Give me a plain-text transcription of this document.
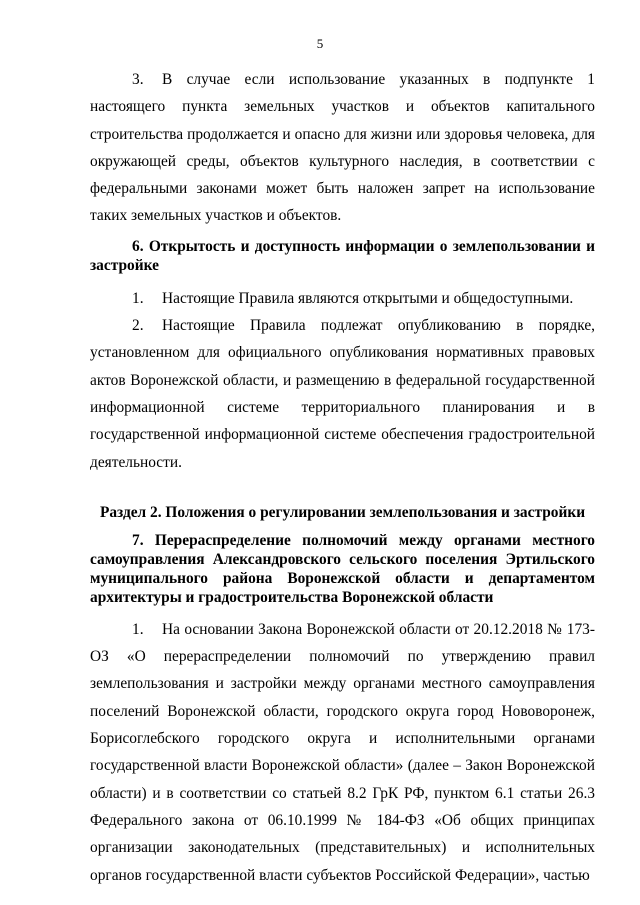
5

3. В случае если использование указанных в подпункте 1 настоящего пункта земельных участков и объектов капитального строительства продолжается и опасно для жизни или здоровья человека, для окружающей среды, объектов культурного наследия, в соответствии с федеральными законами может быть наложен запрет на использование таких земельных участков и объектов.

6. Открытость и доступность информации о землепользовании и застройке

1. Настоящие Правила являются открытыми и общедоступными.

2. Настоящие Правила подлежат опубликованию в порядке, установленном для официального опубликования нормативных правовых актов Воронежской области, и размещению в федеральной государственной информационной системе территориального планирования и в государственной информационной системе обеспечения градостроительной деятельности.

Раздел 2. Положения о регулировании землепользования и застройки

7. Перераспределение полномочий между органами местного самоуправления Александровского сельского поселения Эртильского муниципального района Воронежской области и департаментом архитектуры и градостроительства Воронежской области

1. На основании Закона Воронежской области от 20.12.2018 № 173-ОЗ «О перераспределении полномочий по утверждению правил землепользования и застройки между органами местного самоуправления поселений Воронежской области, городского округа город Нововоронеж, Борисоглебского городского округа и исполнительными органами государственной власти Воронежской области» (далее – Закон Воронежской области) и в соответствии со статьей 8.2 ГрК РФ, пунктом 6.1 статьи 26.3 Федерального закона от 06.10.1999 № 184-ФЗ «Об общих принципах организации законодательных (представительных) и исполнительных органов государственной власти субъектов Российской Федерации», частью
